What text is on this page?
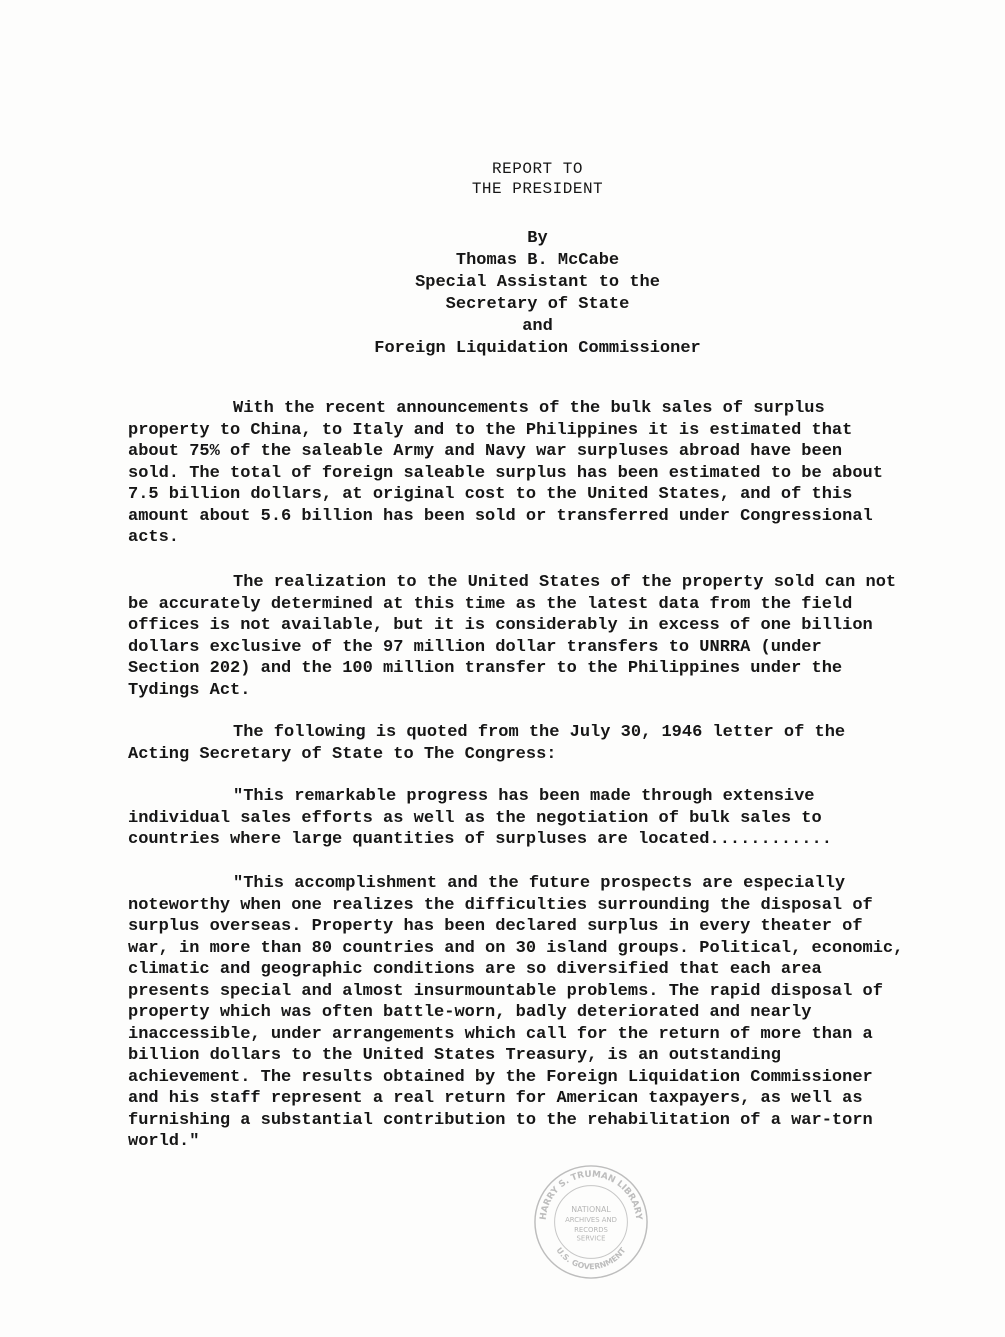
REPORT TO
THE PRESIDENT
By
Thomas B. McCabe
Special Assistant to the
Secretary of State
and
Foreign Liquidation Commissioner

With the recent announcements of the bulk sales of surplus property to China, to Italy and to the Philippines it is estimated that about 75% of the saleable Army and Navy war surpluses abroad have been sold. The total of foreign saleable surplus has been estimated to be about 7.5 billion dollars, at original cost to the United States, and of this amount about 5.6 billion has been sold or transferred under Congressional acts.

The realization to the United States of the property sold can not be accurately determined at this time as the latest data from the field offices is not available, but it is considerably in excess of one billion dollars exclusive of the 97 million dollar transfers to UNRRA (under Section 202) and the 100 million transfer to the Philippines under the Tydings Act.

The following is quoted from the July 30, 1946 letter of the Acting Secretary of State to The Congress:

"This remarkable progress has been made through extensive individual sales efforts as well as the negotiation of bulk sales to countries where large quantities of surpluses are located............

"This accomplishment and the future prospects are especially noteworthy when one realizes the difficulties surrounding the disposal of surplus overseas. Property has been declared surplus in every theater of war, in more than 80 countries and on 30 island groups. Political, economic, climatic and geographic conditions are so diversified that each area presents special and almost insurmountable problems. The rapid disposal of property which was often battle-worn, badly deteriorated and nearly inaccessible, under arrangements which call for the return of more than a billion dollars to the United States Treasury, is an outstanding achievement. The results obtained by the Foreign Liquidation Commissioner and his staff represent a real return for American taxpayers, as well as furnishing a substantial contribution to the rehabilitation of a war-torn world."

HARRY S. TRUMAN LIBRARY
U.S. GOVERNMENT
NATIONAL
ARCHIVES AND
RECORDS
SERVICE
